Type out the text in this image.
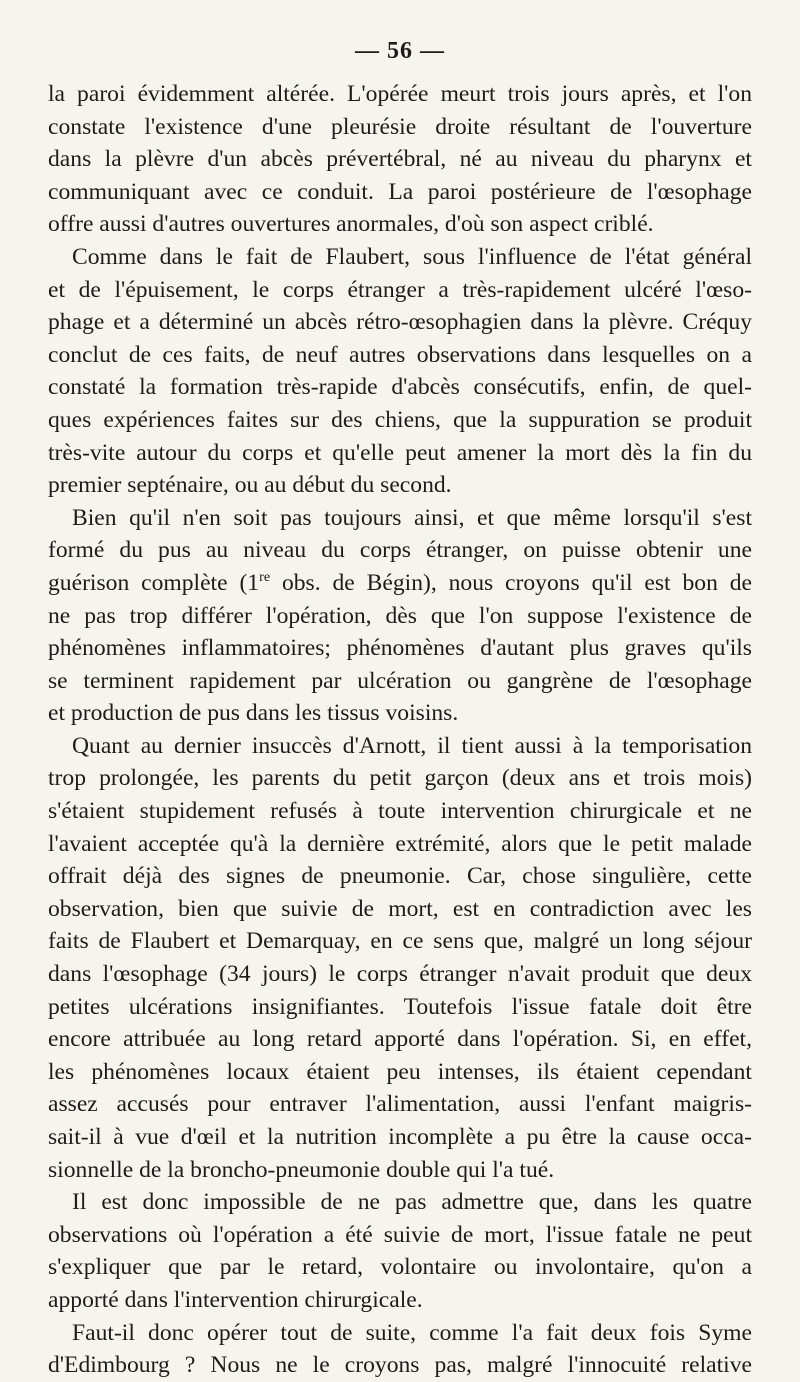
— 56 —

la paroi évidemment altérée. L'opérée meurt trois jours après, et l'on

constate l'existence d'une pleurésie droite résultant de l'ouverture

dans la plèvre d'un abcès prévertébral, né au niveau du pharynx et

communiquant avec ce conduit. La paroi postérieure de l'œsophage

offre aussi d'autres ouvertures anormales, d'où son aspect criblé.

Comme dans le fait de Flaubert, sous l'influence de l'état général

et de l'épuisement, le corps étranger a très-rapidement ulcéré l'œso-

phage et a déterminé un abcès rétro-œsophagien dans la plèvre. Créquy

conclut de ces faits, de neuf autres observations dans lesquelles on a

constaté la formation très-rapide d'abcès consécutifs, enfin, de quel-

ques expériences faites sur des chiens, que la suppuration se produit

très-vite autour du corps et qu'elle peut amener la mort dès la fin du

premier septénaire, ou au début du second.

Bien qu'il n'en soit pas toujours ainsi, et que même lorsqu'il s'est

formé du pus au niveau du corps étranger, on puisse obtenir une

guérison complète (1re obs. de Bégin), nous croyons qu'il est bon de

ne pas trop différer l'opération, dès que l'on suppose l'existence de

phénomènes inflammatoires; phénomènes d'autant plus graves qu'ils

se terminent rapidement par ulcération ou gangrène de l'œsophage

et production de pus dans les tissus voisins.

Quant au dernier insuccès d'Arnott, il tient aussi à la temporisation

trop prolongée, les parents du petit garçon (deux ans et trois mois)

s'étaient stupidement refusés à toute intervention chirurgicale et ne

l'avaient acceptée qu'à la dernière extrémité, alors que le petit malade

offrait déjà des signes de pneumonie. Car, chose singulière, cette

observation, bien que suivie de mort, est en contradiction avec les

faits de Flaubert et Demarquay, en ce sens que, malgré un long séjour

dans l'œsophage (34 jours) le corps étranger n'avait produit que deux

petites ulcérations insignifiantes. Toutefois l'issue fatale doit être

encore attribuée au long retard apporté dans l'opération. Si, en effet,

les phénomènes locaux étaient peu intenses, ils étaient cependant

assez accusés pour entraver l'alimentation, aussi l'enfant maigris-

sait-il à vue d'œil et la nutrition incomplète a pu être la cause occa-

sionnelle de la broncho-pneumonie double qui l'a tué.

Il est donc impossible de ne pas admettre que, dans les quatre

observations où l'opération a été suivie de mort, l'issue fatale ne peut

s'expliquer que par le retard, volontaire ou involontaire, qu'on a

apporté dans l'intervention chirurgicale.

Faut-il donc opérer tout de suite, comme l'a fait deux fois Syme

d'Edimbourg ? Nous ne le croyons pas, malgré l'innocuité relative
